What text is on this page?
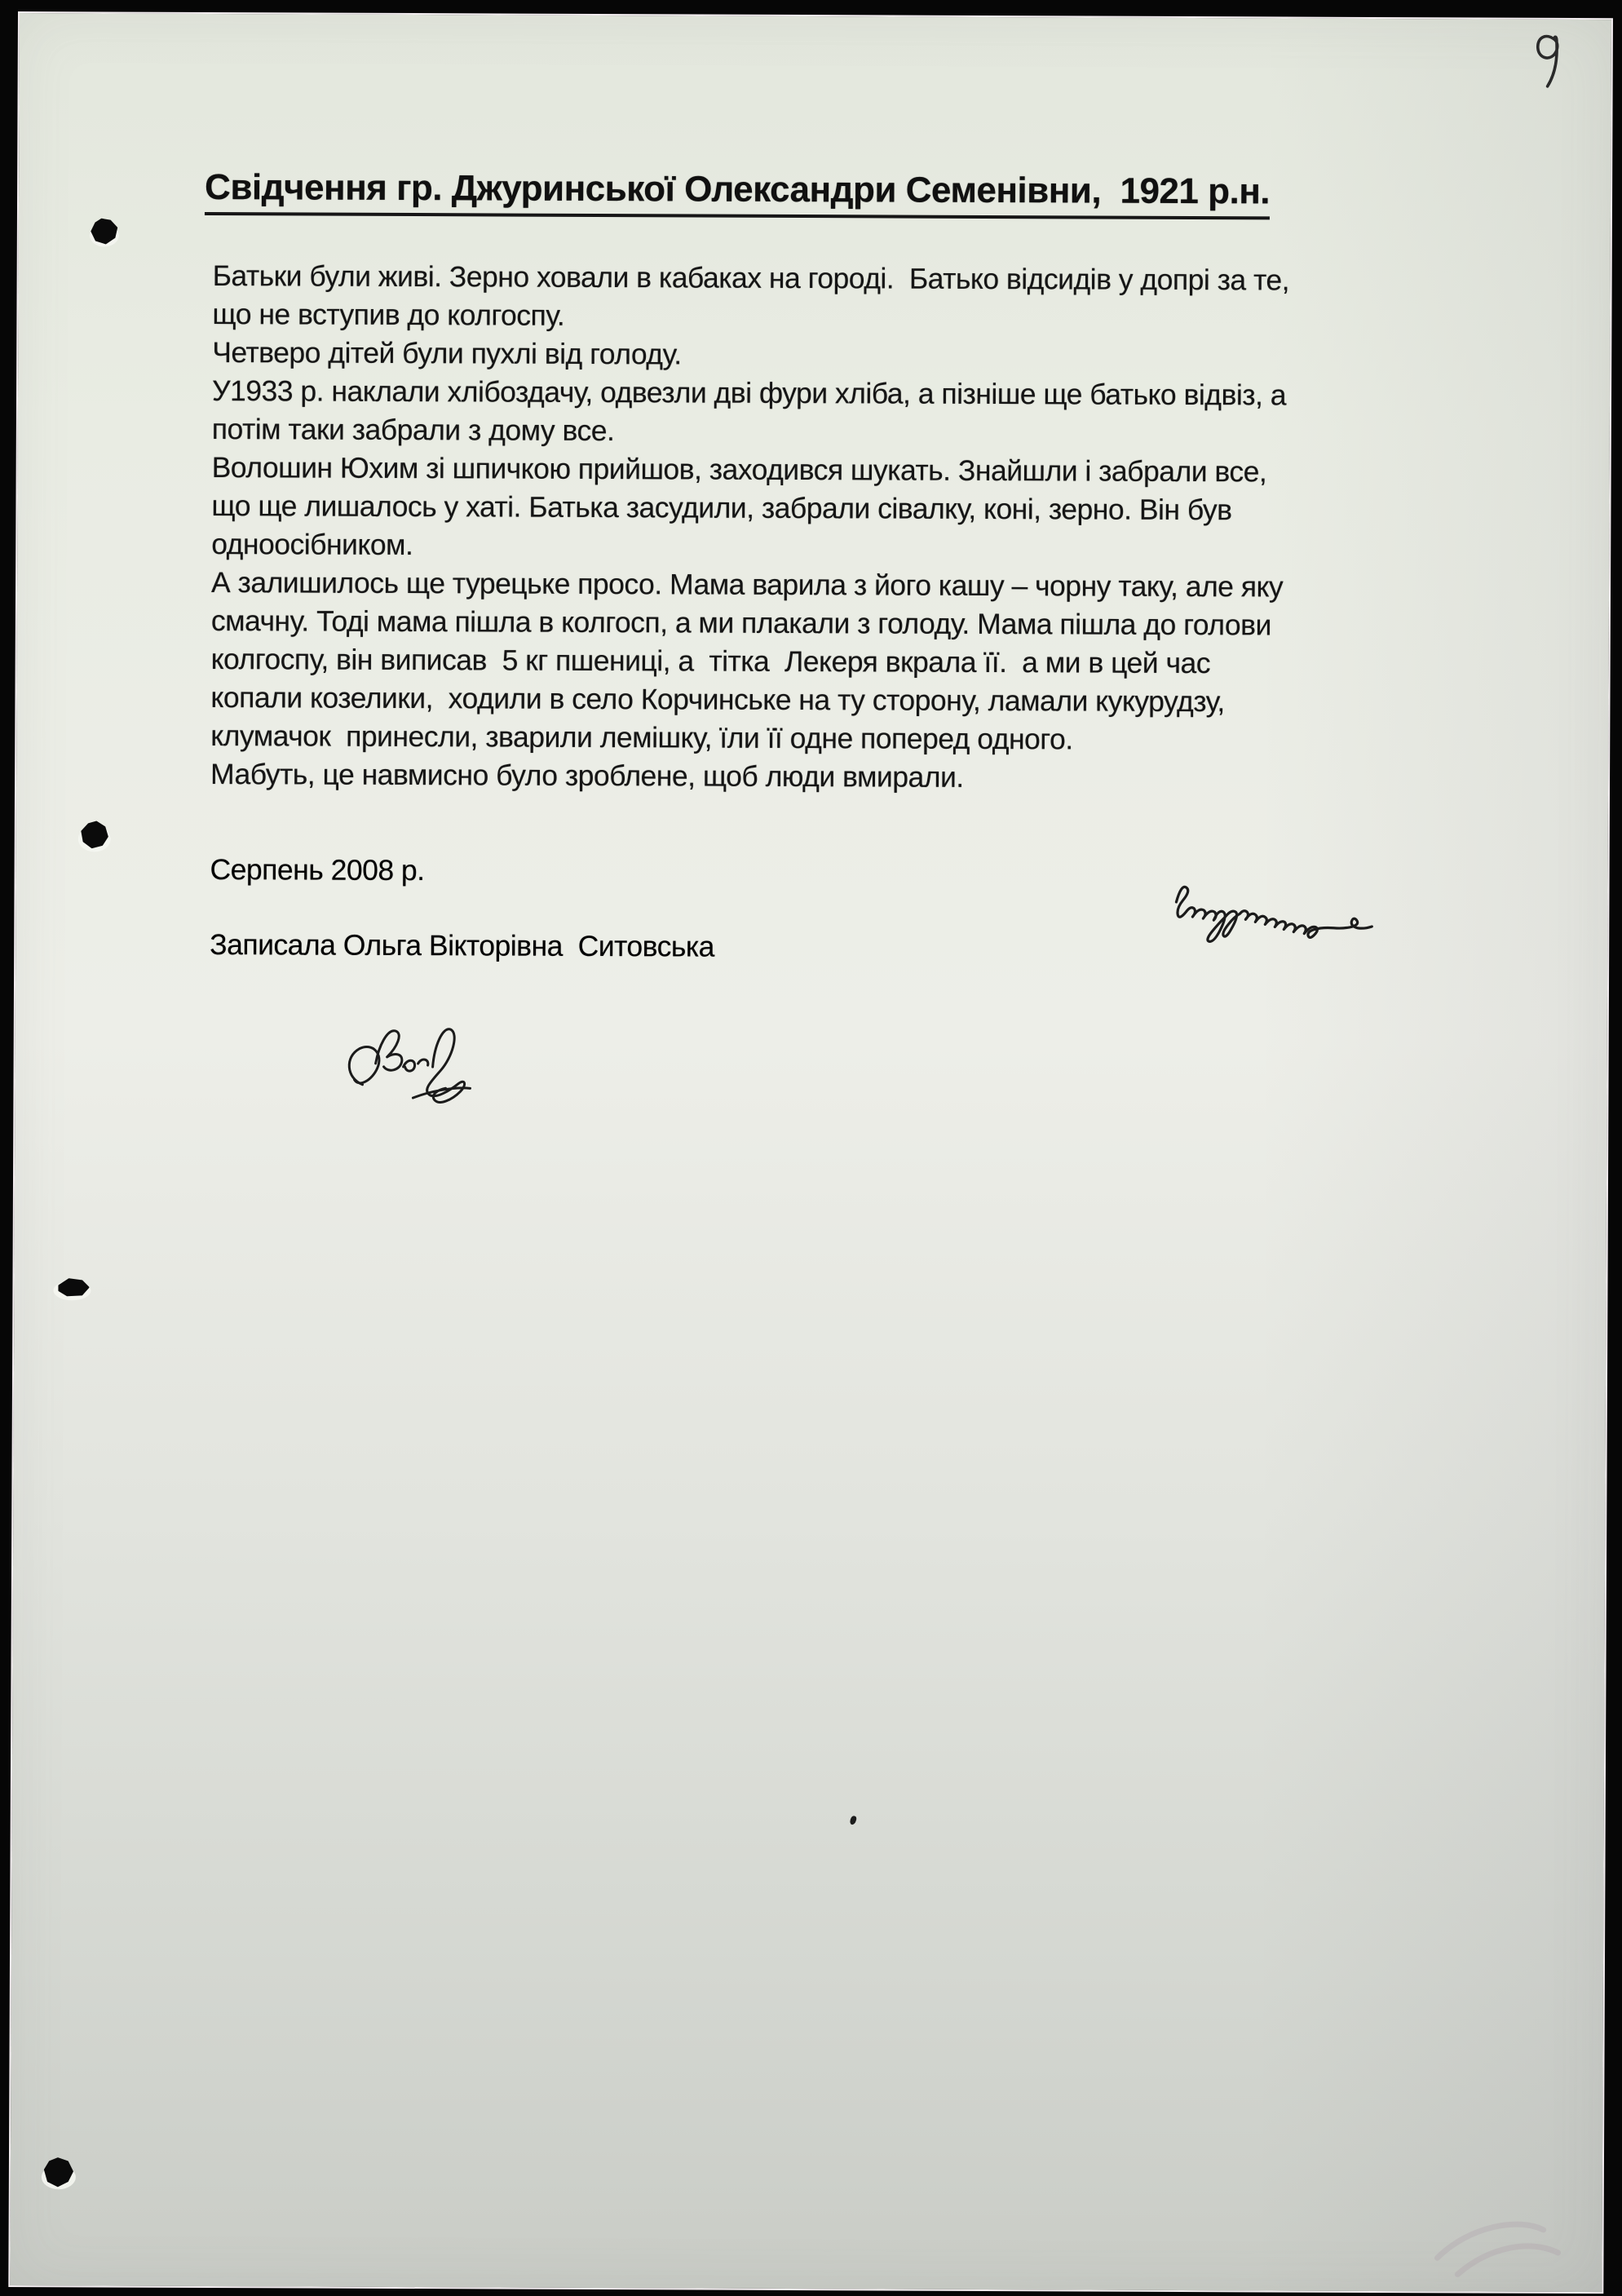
Свідчення гр. Джуринської Олександри Семенівни,  1921 р.н.
Батьки були живі. Зерно ховали в кабаках на городі.  Батько відсидів у допрі за те,
що не вступив до колгоспу.
Четверо дітей були пухлі від голоду.
У1933 р. наклали хлібоздачу, одвезли дві фури хліба, а пізніше ще батько відвіз, а
потім таки забрали з дому все.
Волошин Юхим зі шпичкою прийшов, заходився шукать. Знайшли і забрали все,
що ще лишалось у хаті. Батька засудили, забрали сівалку, коні, зерно. Він був
одноосібником.
А залишилось ще турецьке просо. Мама варила з його кашу – чорну таку, але яку
смачну. Тоді мама пішла в колгосп, а ми плакали з голоду. Мама пішла до голови
колгоспу, він виписав  5 кг пшениці, а  тітка  Лекеря вкрала її.  а ми в цей час
копали козелики,  ходили в село Корчинське на ту сторону, ламали кукурудзу,
клумачок  принесли, зварили лемішку, їли її одне поперед одного.
Мабуть, це навмисно було зроблене, щоб люди вмирали.
Серпень 2008 р.
Записала Ольга Вікторівна  Ситовська
